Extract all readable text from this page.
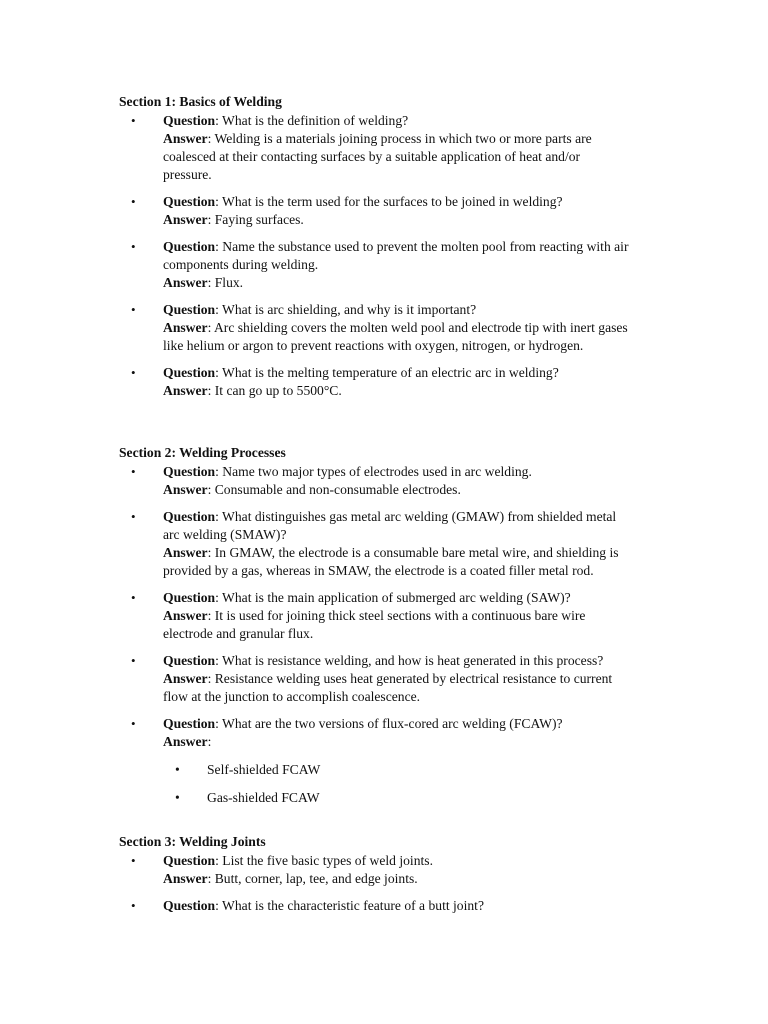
Section 1: Basics of Welding
• Question: What is the definition of welding?
Answer: Welding is a materials joining process in which two or more parts are coalesced at their contacting surfaces by a suitable application of heat and/or pressure.
• Question: What is the term used for the surfaces to be joined in welding?
Answer: Faying surfaces.
• Question: Name the substance used to prevent the molten pool from reacting with air components during welding.
Answer: Flux.
• Question: What is arc shielding, and why is it important?
Answer: Arc shielding covers the molten weld pool and electrode tip with inert gases like helium or argon to prevent reactions with oxygen, nitrogen, or hydrogen.
• Question: What is the melting temperature of an electric arc in welding?
Answer: It can go up to 5500°C.
Section 2: Welding Processes
• Question: Name two major types of electrodes used in arc welding.
Answer: Consumable and non-consumable electrodes.
• Question: What distinguishes gas metal arc welding (GMAW) from shielded metal arc welding (SMAW)?
Answer: In GMAW, the electrode is a consumable bare metal wire, and shielding is provided by a gas, whereas in SMAW, the electrode is a coated filler metal rod.
• Question: What is the main application of submerged arc welding (SAW)?
Answer: It is used for joining thick steel sections with a continuous bare wire electrode and granular flux.
• Question: What is resistance welding, and how is heat generated in this process?
Answer: Resistance welding uses heat generated by electrical resistance to current flow at the junction to accomplish coalescence.
• Question: What are the two versions of flux-cored arc welding (FCAW)?
Answer:
• Self-shielded FCAW
• Gas-shielded FCAW
Section 3: Welding Joints
• Question: List the five basic types of weld joints.
Answer: Butt, corner, lap, tee, and edge joints.
• Question: What is the characteristic feature of a butt joint?
